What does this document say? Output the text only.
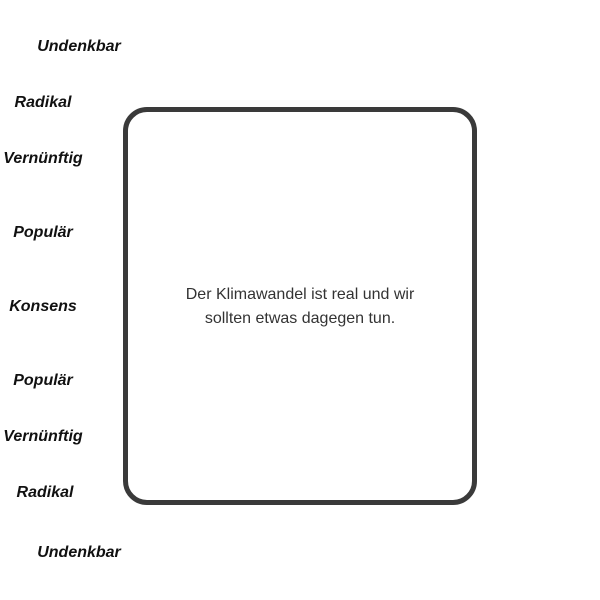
Undenkbar
Radikal
Vernünftig
Populär
Konsens
Populär
Vernünftig
Radikal
Undenkbar
Der Klimawandel ist real und wir sollten etwas dagegen tun.
